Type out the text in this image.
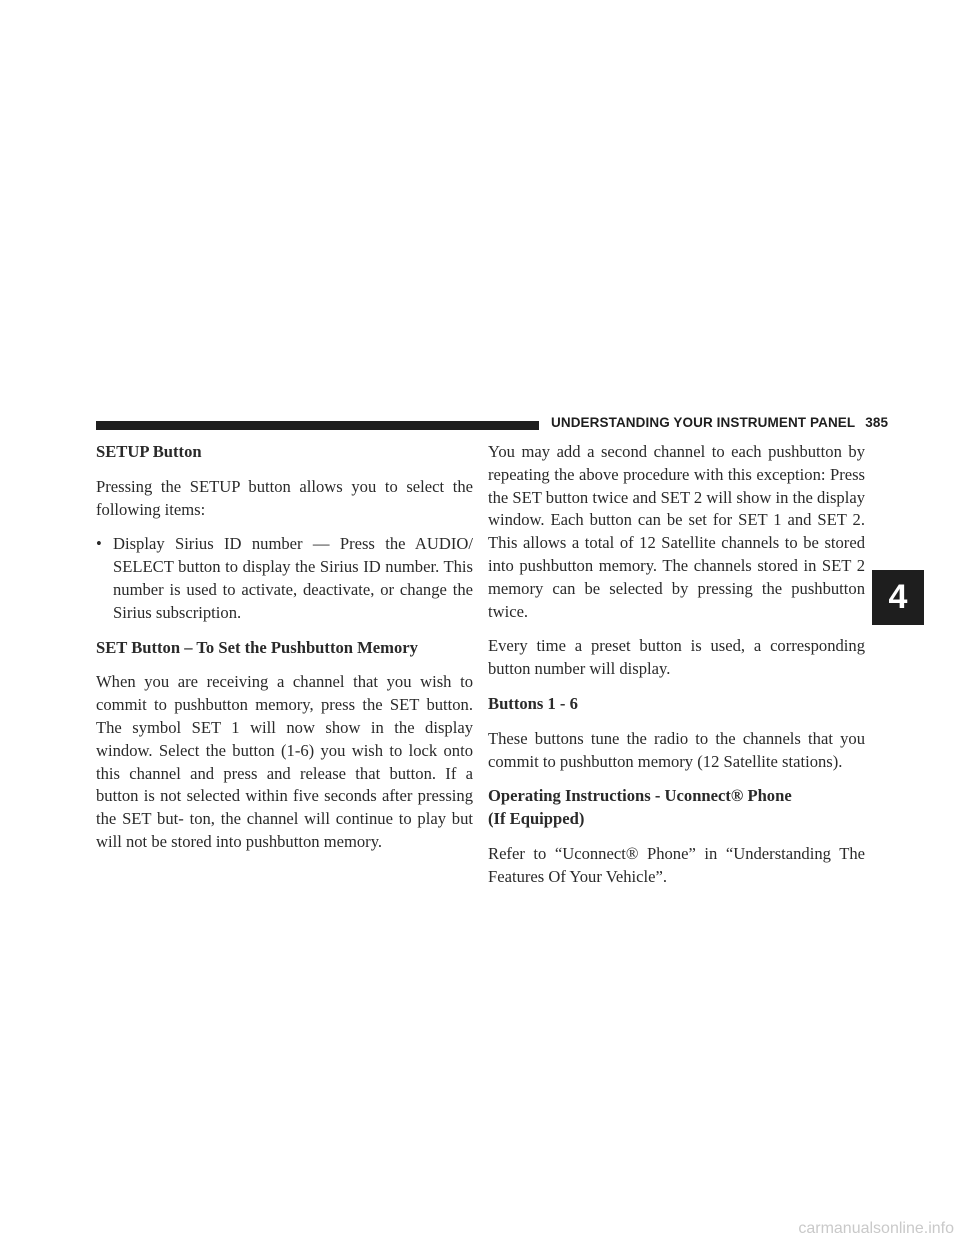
UNDERSTANDING YOUR INSTRUMENT PANEL 385
SETUP Button

Pressing the SETUP button allows you to select the following items:

• Display Sirius ID number — Press the AUDIO/ SELECT button to display the Sirius ID number. This number is used to activate, deactivate, or change the Sirius subscription.
SET Button – To Set the Pushbutton Memory

When you are receiving a channel that you wish to commit to pushbutton memory, press the SET button. The symbol SET 1 will now show in the display window. Select the button (1-6) you wish to lock onto this channel and press and release that button. If a button is not selected within five seconds after pressing the SET but- ton, the channel will continue to play but will not be stored into pushbutton memory.

You may add a second channel to each pushbutton by repeating the above procedure with this exception: Press the SET button twice and SET 2 will show in the display window. Each button can be set for SET 1 and SET 2. This allows a total of 12 Satellite channels to be stored into pushbutton memory. The channels stored in SET 2 memory can be selected by pressing the pushbutton twice.

Every time a preset button is used, a corresponding button number will display.

Buttons 1 - 6

These buttons tune the radio to the channels that you commit to pushbutton memory (12 Satellite stations).

Operating Instructions - Uconnect® Phone
(If Equipped)

Refer to “Uconnect® Phone” in “Understanding The Features Of Your Vehicle”.

4
carmanualsonline.info
